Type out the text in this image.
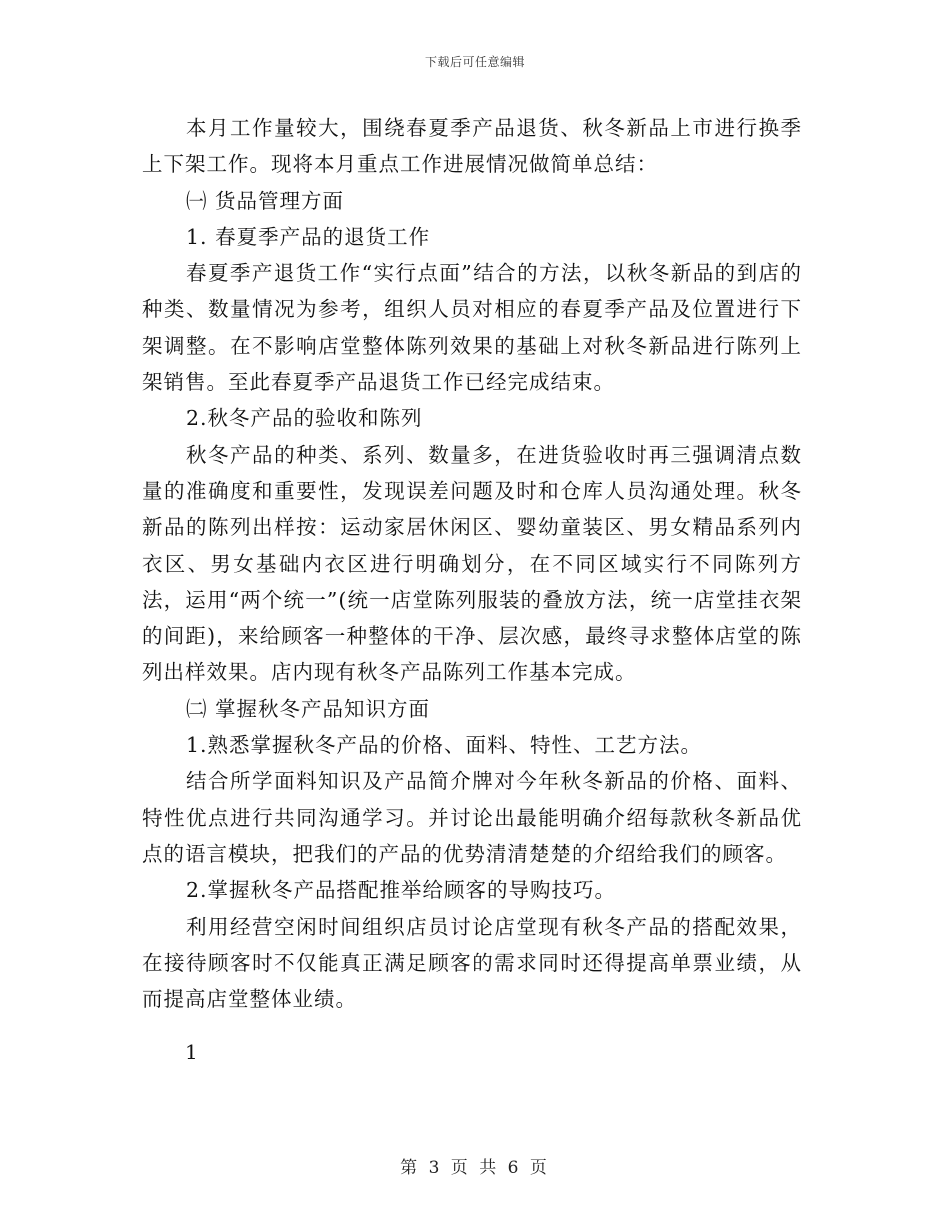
下载后可任意编辑

本月工作量较大，围绕春夏季产品退货、秋冬新品上市进行换季上下架工作。现将本月重点工作进展情况做简单总结：

㈠ 货品管理方面

1. 春夏季产品的退货工作

春夏季产退货工作“实行点面”结合的方法，以秋冬新品的到店的种类、数量情况为参考，组织人员对相应的春夏季产品及位置进行下架调整。在不影响店堂整体陈列效果的基础上对秋冬新品进行陈列上架销售。至此春夏季产品退货工作已经完成结束。

2.秋冬产品的验收和陈列

秋冬产品的种类、系列、数量多，在进货验收时再三强调清点数量的准确度和重要性，发现误差问题及时和仓库人员沟通处理。秋冬新品的陈列出样按：运动家居休闲区、婴幼童装区、男女精品系列内衣区、男女基础内衣区进行明确划分，在不同区域实行不同陈列方法，运用“两个统一”(统一店堂陈列服装的叠放方法，统一店堂挂衣架的间距)，来给顾客一种整体的干净、层次感，最终寻求整体店堂的陈列出样效果。店内现有秋冬产品陈列工作基本完成。

㈡ 掌握秋冬产品知识方面

1.熟悉掌握秋冬产品的价格、面料、特性、工艺方法。

结合所学面料知识及产品简介牌对今年秋冬新品的价格、面料、特性优点进行共同沟通学习。并讨论出最能明确介绍每款秋冬新品优点的语言模块，把我们的产品的优势清清楚楚的介绍给我们的顾客。

2.掌握秋冬产品搭配推举给顾客的导购技巧。

利用经营空闲时间组织店员讨论店堂现有秋冬产品的搭配效果，在接待顾客时不仅能真正满足顾客的需求同时还得提高单票业绩，从而提高店堂整体业绩。

1
第 3 页 共 6 页
